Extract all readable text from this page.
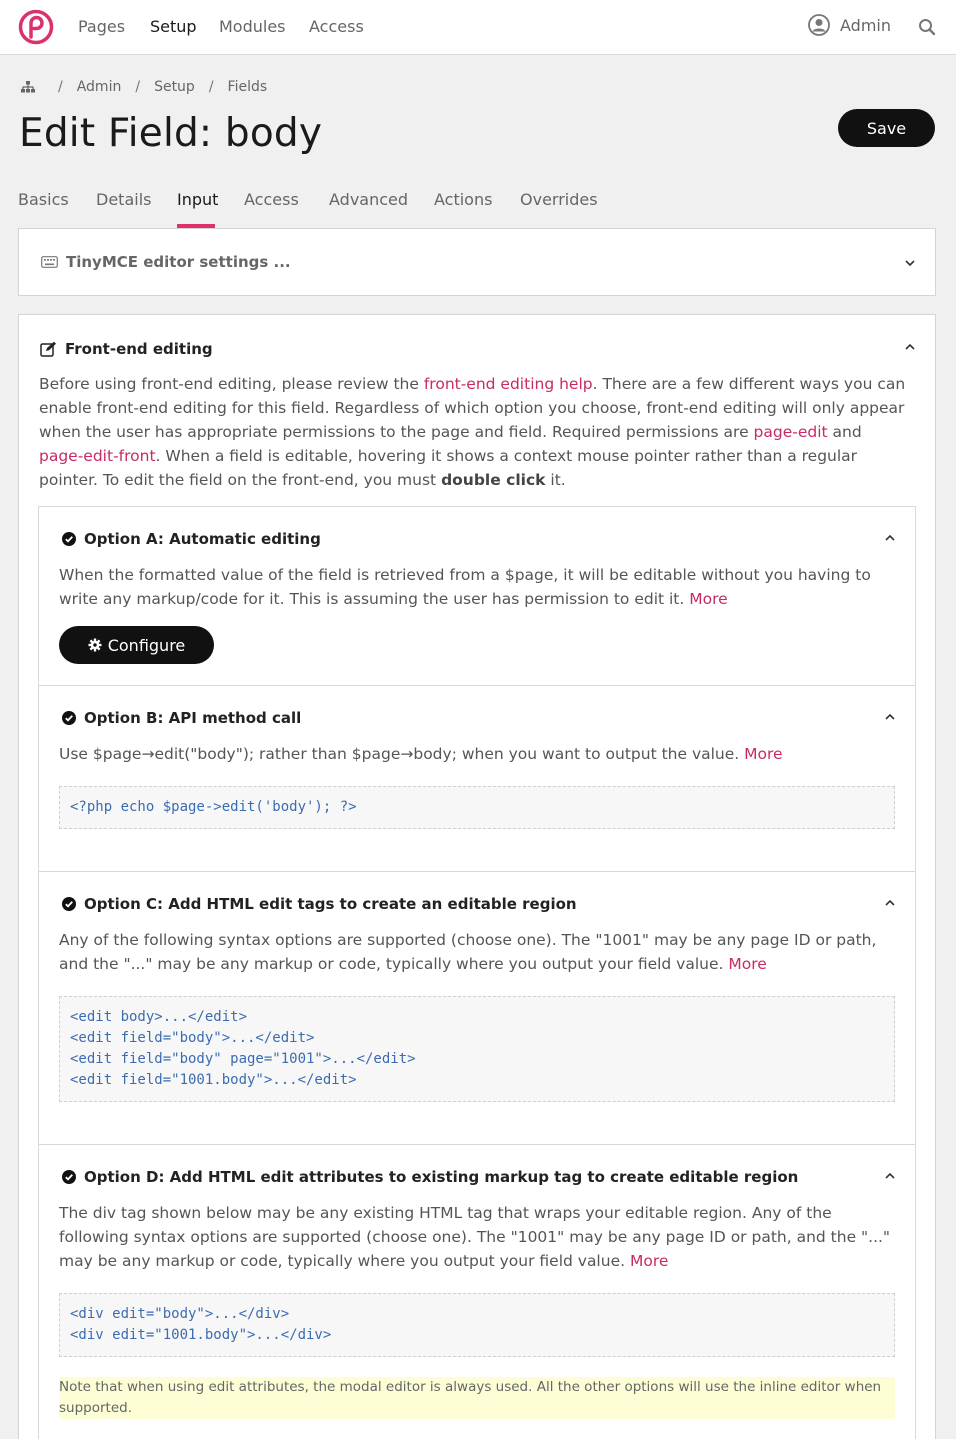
Pages Setup Modules Access	Admin
/ Admin / Setup / Fields
Edit Field: body	Save
Basics Details Input Access Advanced Actions Overrides
TinyMCE editor settings ...
Front-end editing

Before using front-end editing, please review the front-end editing help. There are a few different ways you can enable front-end editing for this field. Regardless of which option you choose, front-end editing will only appear when the user has appropriate permissions to the page and field. Required permissions are page-edit and page-edit-front. When a field is editable, hovering it shows a context mouse pointer rather than a regular pointer. To edit the field on the front-end, you must double click it.

Option A: Automatic editing

When the formatted value of the field is retrieved from a $page, it will be editable without you having to write any markup/code for it. This is assuming the user has permission to edit it. More

Configure
Option B: API method call

Use $page→edit("body"); rather than $page→body; when you want to output the value. More

<?php echo $page->edit('body'); ?>
Option C: Add HTML edit tags to create an editable region

Any of the following syntax options are supported (choose one). The "1001" may be any page ID or path, and the "..." may be any markup or code, typically where you output your field value. More

<edit body>...</edit>
<edit field="body">...</edit>
<edit field="body" page="1001">...</edit>
<edit field="1001.body">...</edit>
Option D: Add HTML edit attributes to existing markup tag to create editable region

The div tag shown below may be any existing HTML tag that wraps your editable region. Any of the following syntax options are supported (choose one). The "1001" may be any page ID or path, and the "..." may be any markup or code, typically where you output your field value. More

<div edit="body">...</div>
<div edit="1001.body">...</div>

Note that when using edit attributes, the modal editor is always used. All the other options will use the inline editor when supported.
